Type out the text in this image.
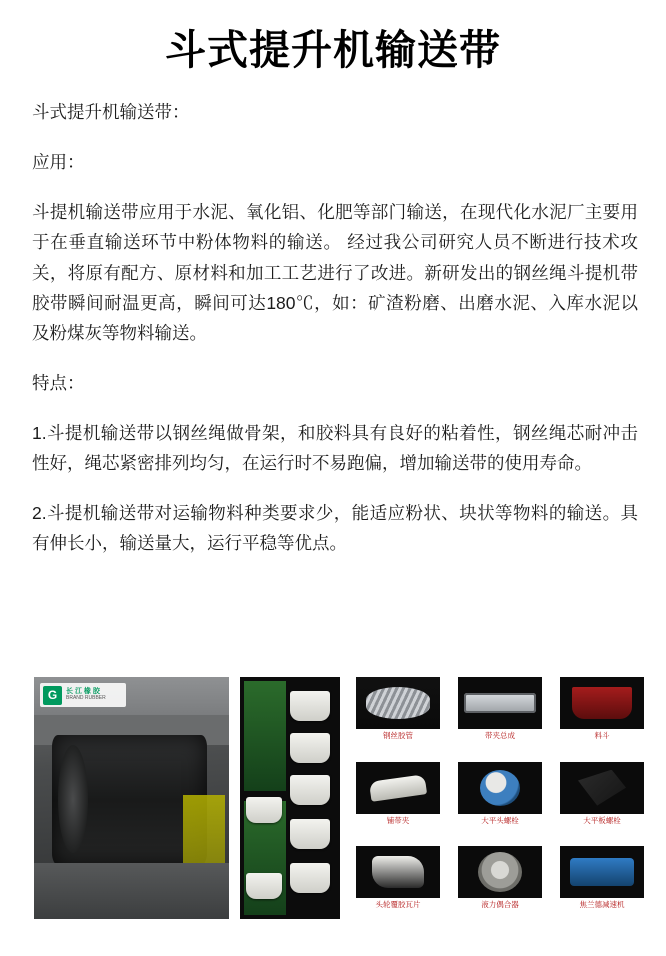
斗式提升机输送带

斗式提升机输送带：

应用：

斗提机输送带应用于水泥、氧化铝、化肥等部门输送，在现代化水泥厂主要用于在垂直输送环节中粉体物料的输送。 经过我公司研究人员不断进行技术攻关，将原有配方、原材料和加工工艺进行了改进。新研发出的钢丝绳斗提机带胶带瞬间耐温更高，瞬间可达180℃，如：矿渣粉磨、出磨水泥、入库水泥以及粉煤灰等物料输送。

特点：

1.斗提机输送带以钢丝绳做骨架，和胶料具有良好的粘着性，钢丝绳芯耐冲击性好，绳芯紧密排列均匀，在运行时不易跑偏，增加输送带的使用寿命。

2.斗提机输送带对运输物料种类要求少，能适应粉状、块状等物料的输送。具有伸长小，输送量大，运行平稳等优点。

G	长 江 橡 胶
BRAND RUBBER
钢丝胶管	带夹总成	料斗
铺带夹	大平头螺栓	大平板螺栓
头轮覆胶瓦片	液力偶合器	焦兰德减速机
